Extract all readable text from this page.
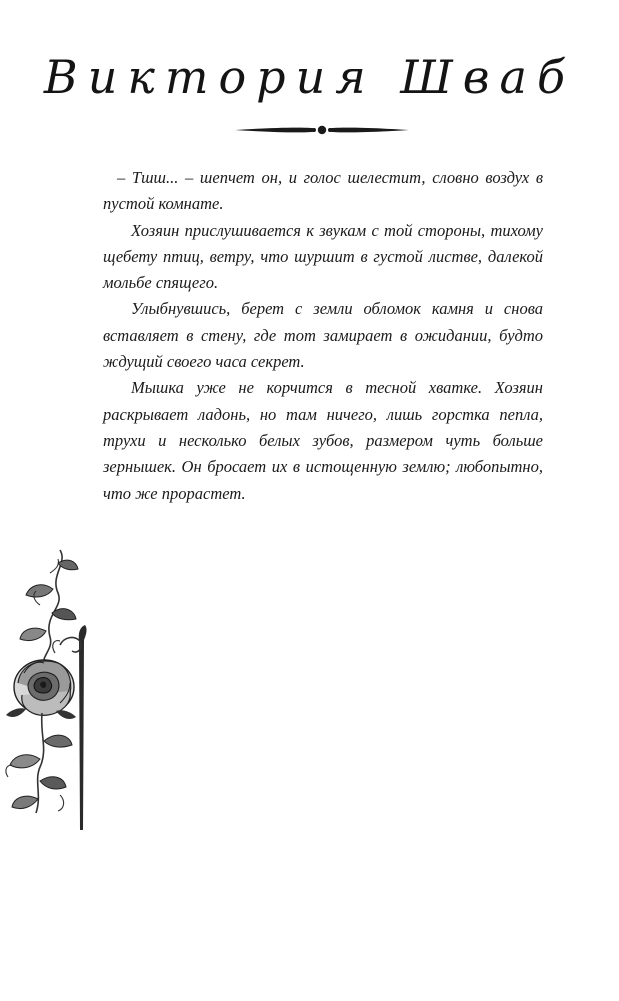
Виктория Шваб

– Тшш... – шепчет он, и голос шелестит, словно воздух в пустой комнате.

Хозяин прислушивается к звукам с той стороны, тихому щебету птиц, ветру, что шуршит в густой листве, далекой мольбе спящего.

Улыбнувшись, берет с земли обломок камня и снова вставляет в стену, где тот замирает в ожидании, будто ждущий своего часа секрет.

Мышка уже не корчится в тесной хватке. Хозяин раскрывает ладонь, но там ничего, лишь горстка пепла, трухи и несколько белых зубов, размером чуть больше зернышек. Он бросает их в истощенную землю; любопытно, что же прорастет.
